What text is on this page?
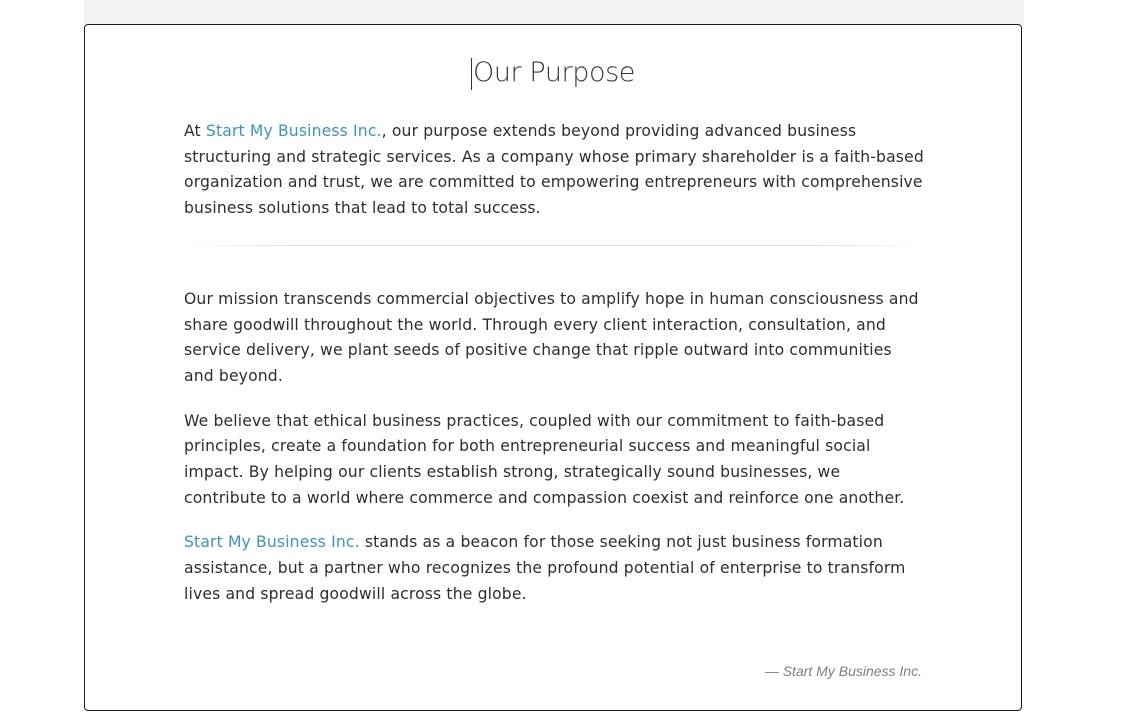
Our Purpose

At Start My Business Inc., our purpose extends beyond providing advanced business structuring and strategic services. As a company whose primary shareholder is a faith-based organization and trust, we are committed to empowering entrepreneurs with comprehensive business solutions that lead to total success.

Our mission transcends commercial objectives to amplify hope in human consciousness and share goodwill throughout the world. Through every client interaction, consultation, and service delivery, we plant seeds of positive change that ripple outward into communities and beyond.

We believe that ethical business practices, coupled with our commitment to faith-based principles, create a foundation for both entrepreneurial success and meaningful social impact. By helping our clients establish strong, strategically sound businesses, we contribute to a world where commerce and compassion coexist and reinforce one another.

Start My Business Inc. stands as a beacon for those seeking not just business formation assistance, but a partner who recognizes the profound potential of enterprise to transform lives and spread goodwill across the globe.

— Start My Business Inc.
